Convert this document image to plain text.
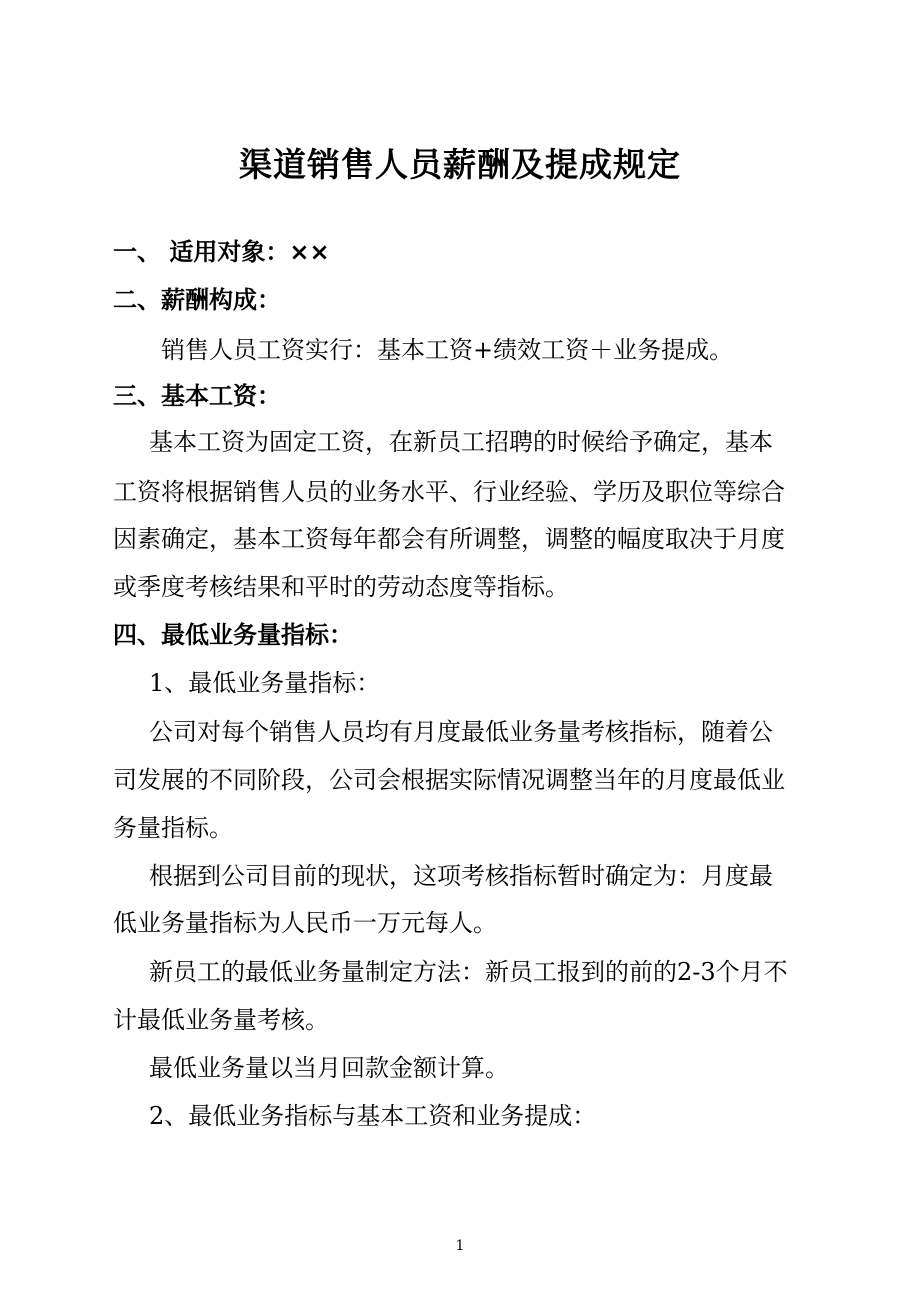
渠道销售人员薪酬及提成规定
一、 适用对象：××
二、薪酬构成：
销售人员工资实行：基本工资+绩效工资＋业务提成。
三、基本工资：
基本工资为固定工资，在新员工招聘的时候给予确定，基本
工资将根据销售人员的业务水平、行业经验、学历及职位等综合
因素确定，基本工资每年都会有所调整，调整的幅度取决于月度
或季度考核结果和平时的劳动态度等指标。
四、最低业务量指标：
1、最低业务量指标：
公司对每个销售人员均有月度最低业务量考核指标，随着公
司发展的不同阶段，公司会根据实际情况调整当年的月度最低业
务量指标。
根据到公司目前的现状，这项考核指标暂时确定为：月度最
低业务量指标为人民币一万元每人。
新员工的最低业务量制定方法：新员工报到的前的2-3个月不
计最低业务量考核。
最低业务量以当月回款金额计算。
2、最低业务指标与基本工资和业务提成：
1
